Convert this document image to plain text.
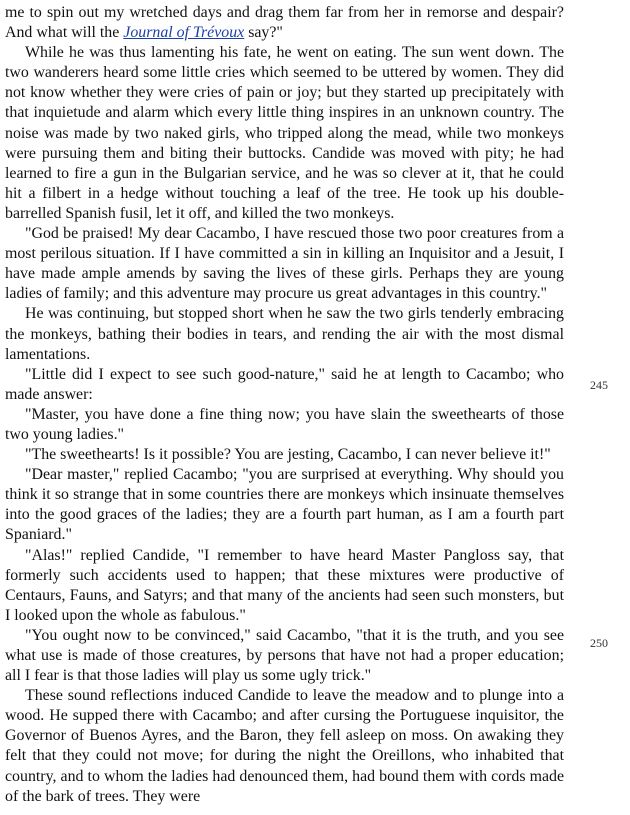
me to spin out my wretched days and drag them far from her in remorse and despair? And what will the Journal of Trévoux say?"

While he was thus lamenting his fate, he went on eating. The sun went down. The two wanderers heard some little cries which seemed to be uttered by women. They did not know whether they were cries of pain or joy; but they started up precipitately with that inquietude and alarm which every little thing inspires in an unknown country. The noise was made by two naked girls, who tripped along the mead, while two monkeys were pursuing them and biting their buttocks. Candide was moved with pity; he had learned to fire a gun in the Bulgarian service, and he was so clever at it, that he could hit a filbert in a hedge without touching a leaf of the tree. He took up his double-barrelled Spanish fusil, let it off, and killed the two monkeys.

"God be praised! My dear Cacambo, I have rescued those two poor creatures from a most perilous situation. If I have committed a sin in killing an Inquisitor and a Jesuit, I have made ample amends by saving the lives of these girls. Perhaps they are young ladies of family; and this adventure may procure us great advantages in this country."

He was continuing, but stopped short when he saw the two girls tenderly embracing the monkeys, bathing their bodies in tears, and rending the air with the most dismal lamentations.

"Little did I expect to see such good-nature," said he at length to Cacambo; who made answer:

"Master, you have done a fine thing now; you have slain the sweethearts of those two young ladies."

"The sweethearts! Is it possible? You are jesting, Cacambo, I can never believe it!"

"Dear master," replied Cacambo; "you are surprised at everything. Why should you think it so strange that in some countries there are monkeys which insinuate themselves into the good graces of the ladies; they are a fourth part human, as I am a fourth part Spaniard."

"Alas!" replied Candide, "I remember to have heard Master Pangloss say, that formerly such accidents used to happen; that these mixtures were productive of Centaurs, Fauns, and Satyrs; and that many of the ancients had seen such monsters, but I looked upon the whole as fabulous."

"You ought now to be convinced," said Cacambo, "that it is the truth, and you see what use is made of those creatures, by persons that have not had a proper education; all I fear is that those ladies will play us some ugly trick."

These sound reflections induced Candide to leave the meadow and to plunge into a wood. He supped there with Cacambo; and after cursing the Portuguese inquisitor, the Governor of Buenos Ayres, and the Baron, they fell asleep on moss. On awaking they felt that they could not move; for during the night the Oreillons, who inhabited that country, and to whom the ladies had denounced them, had bound them with cords made of the bark of trees. They were

245
250
